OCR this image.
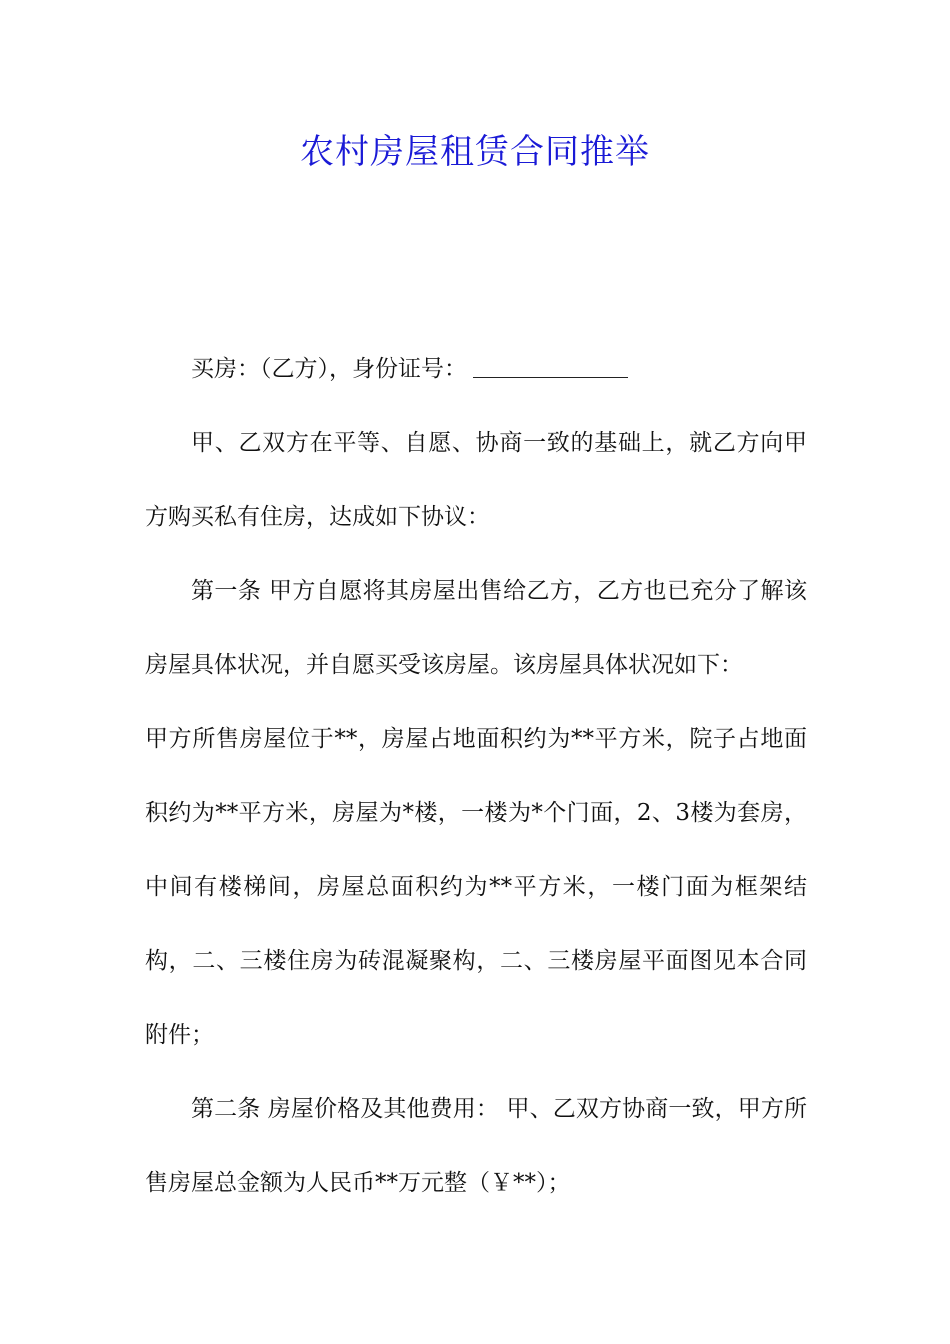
农村房屋租赁合同推举

买房：（乙方），身份证号：

甲、乙双方在平等、自愿、协商一致的基础上，就乙方向甲方购买私有住房，达成如下协议：

第一条 甲方自愿将其房屋出售给乙方，乙方也已充分了解该房屋具体状况，并自愿买受该房屋。该房屋具体状况如下：

甲方所售房屋位于**，房屋占地面积约为**平方米，院子占地面积约为**平方米，房屋为*楼，一楼为*个门面，2、3楼为套房，中间有楼梯间，房屋总面积约为**平方米，一楼门面为框架结构，二、三楼住房为砖混凝聚构，二、三楼房屋平面图见本合同附件；

第二条 房屋价格及其他费用： 甲、乙双方协商一致，甲方所售房屋总金额为人民币**万元整（￥**）；
